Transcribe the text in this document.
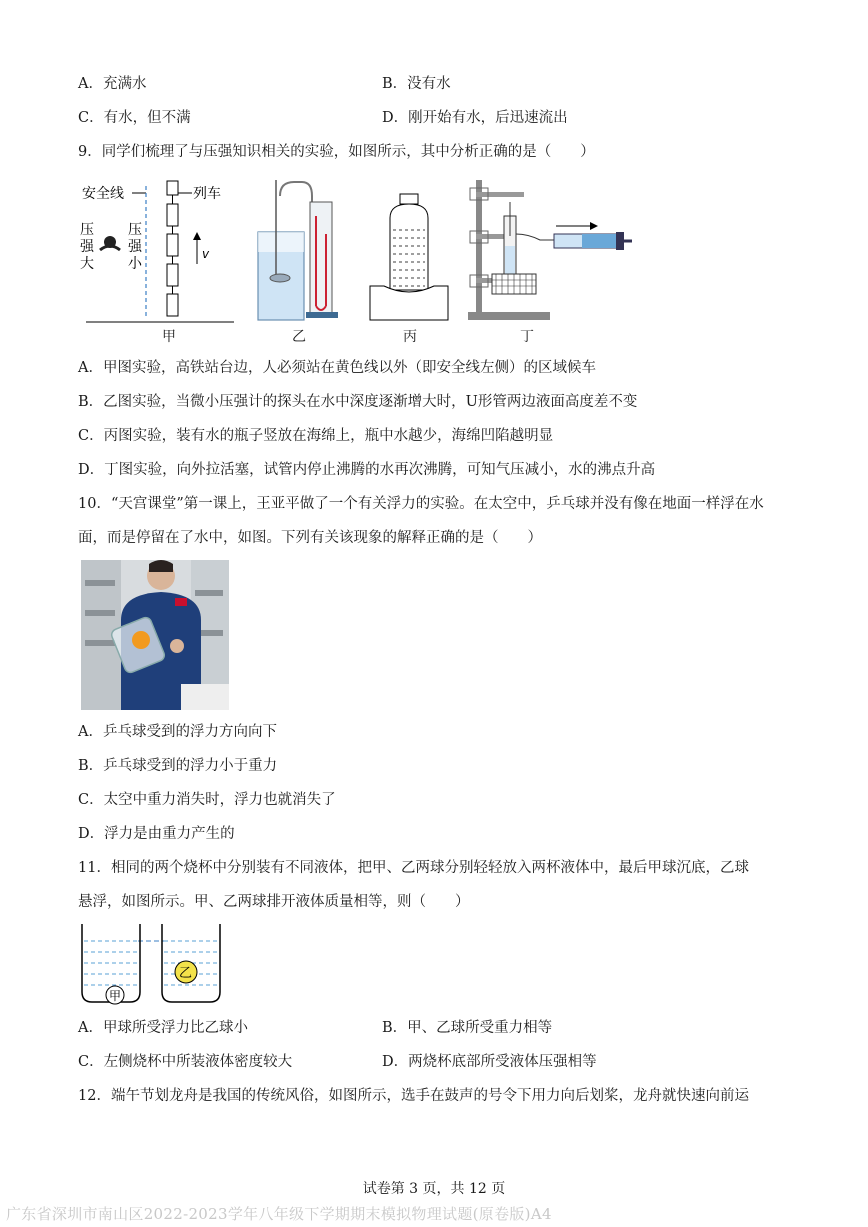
A．充满水	B．没有水
C．有水，但不满	D．刚开始有水，后迅速流出
9．同学们梳理了与压强知识相关的实验，如图所示，其中分析正确的是（　　）
安全线	列车
压
强
大
压
强
小
v
甲	乙	丙	丁
A．甲图实验，高铁站台边，人必须站在黄色线以外（即安全线左侧）的区域候车
B．乙图实验，当微小压强计的探头在水中深度逐渐增大时，U形管两边液面高度差不变
C．丙图实验，装有水的瓶子竖放在海绵上，瓶中水越少，海绵凹陷越明显
D．丁图实验，向外拉活塞，试管内停止沸腾的水再次沸腾，可知气压减小，水的沸点升高
10．“天宫课堂”第一课上，王亚平做了一个有关浮力的实验。在太空中，乒乓球并没有像在地面一样浮在水
面，而是停留在了水中，如图。下列有关该现象的解释正确的是（　　）
A．乒乓球受到的浮力方向向下
B．乒乓球受到的浮力小于重力
C．太空中重力消失时，浮力也就消失了
D．浮力是由重力产生的
11．相同的两个烧杯中分别装有不同液体，把甲、乙两球分别轻轻放入两杯液体中，最后甲球沉底，乙球
悬浮，如图所示。甲、乙两球排开液体质量相等，则（　　）
甲
乙
A．甲球所受浮力比乙球小	B．甲、乙球所受重力相等
C．左侧烧杯中所装液体密度较大	D．两烧杯底部所受液体压强相等
12．端午节划龙舟是我国的传统风俗，如图所示，选手在鼓声的号令下用力向后划桨，龙舟就快速向前运
试卷第 3 页，共 12 页
广东省深圳市南山区2022-2023学年八年级下学期期末模拟物理试题(原卷版)A4
